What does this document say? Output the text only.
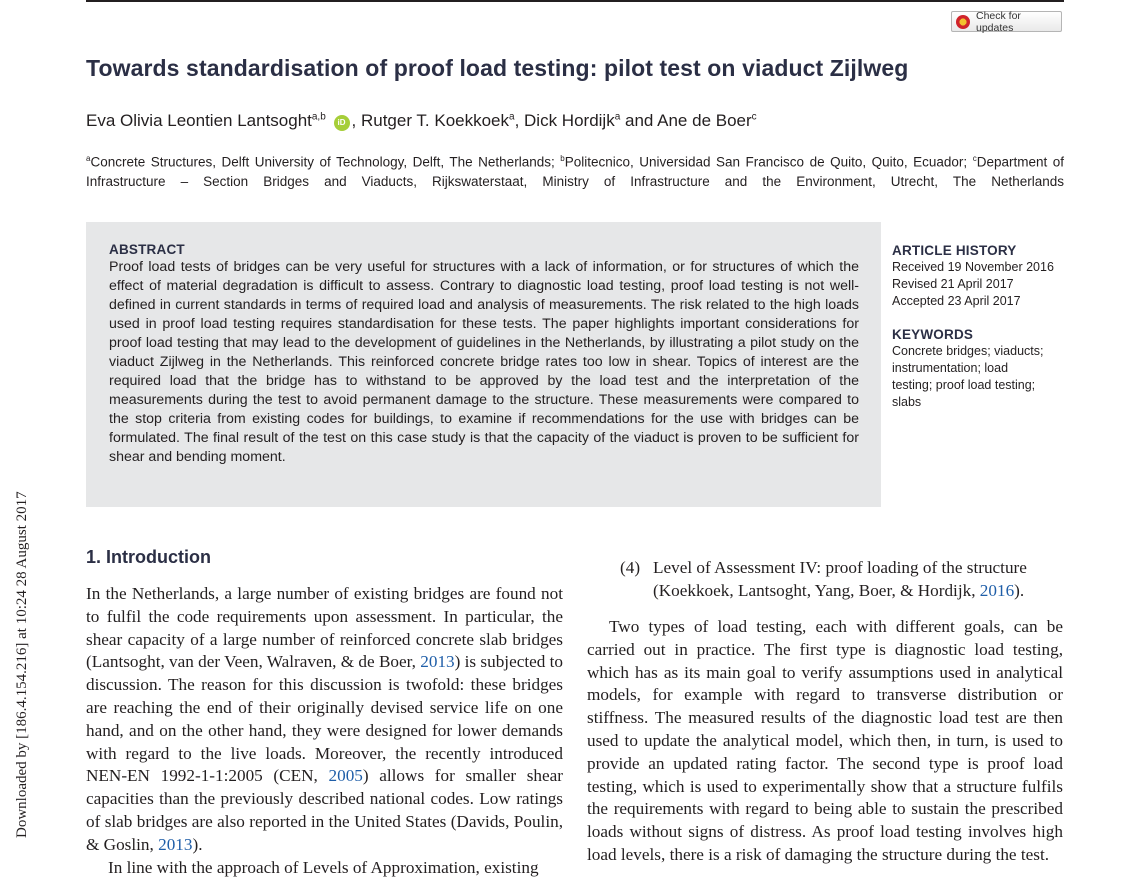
Check for updates
Downloaded by [186.4.154.216] at 10:24 28 August 2017
Towards standardisation of proof load testing: pilot test on viaduct Zijlweg
Eva Olivia Leontien Lantsoght$^{a,b}$ iD , Rutger T. Koekkoek$^a$, Dick Hordijk$^a$ and Ane de Boer$^c$

$^a$Concrete Structures, Delft University of Technology, Delft, The Netherlands; $^b$Politecnico, Universidad San Francisco de Quito, Quito, Ecuador; $^c$Department of Infrastructure – Section Bridges and Viaducts, Rijkswaterstaat, Ministry of Infrastructure and the Environment, Utrecht, The Netherlands

ABSTRACT

Proof load tests of bridges can be very useful for structures with a lack of information, or for structures of which the effect of material degradation is difficult to assess. Contrary to diagnostic load testing, proof load testing is not well-defined in current standards in terms of required load and analysis of measurements. The risk related to the high loads used in proof load testing requires standardisation for these tests. The paper highlights important considerations for proof load testing that may lead to the development of guidelines in the Netherlands, by illustrating a pilot study on the viaduct Zijlweg in the Netherlands. This reinforced concrete bridge rates too low in shear. Topics of interest are the required load that the bridge has to withstand to be approved by the load test and the interpretation of the measurements during the test to avoid permanent damage to the structure. These measurements were compared to the stop criteria from existing codes for buildings, to examine if recommendations for the use with bridges can be formulated. The final result of the test on this case study is that the capacity of the viaduct is proven to be sufficient for shear and bending moment.

ARTICLE HISTORY

Received 19 November 2016

Revised 21 April 2017

Accepted 23 April 2017

KEYWORDS

Concrete bridges; viaducts;

instrumentation; load

testing; proof load testing;

slabs

1. Introduction

In the Netherlands, a large number of existing bridges are found not to fulfil the code requirements upon assessment. In particular, the shear capacity of a large number of reinforced concrete slab bridges (Lantsoght, van der Veen, Walraven, & de Boer, 2013) is subjected to discussion. The reason for this discussion is twofold: these bridges are reaching the end of their originally devised service life on one hand, and on the other hand, they were designed for lower demands with regard to the live loads. Moreover, the recently introduced NEN-EN 1992-1-1:2005 (CEN, 2005) allows for smaller shear capacities than the previously described national codes. Low ratings of slab bridges are also reported in the United States (Davids, Poulin, & Goslin, 2013).
In line with the approach of Levels of Approximation, existing

(4) Level of Assessment IV: proof loading of the structure
(Koekkoek, Lantsoght, Yang, Boer, & Hordijk, 2016).

Two types of load testing, each with different goals, can be carried out in practice. The first type is diagnostic load testing, which has as its main goal to verify assumptions used in analytical models, for example with regard to transverse distribution or stiffness. The measured results of the diagnostic load test are then used to update the analytical model, which then, in turn, is used to provide an updated rating factor. The second type is proof load testing, which is used to experimentally show that a structure fulfils the requirements with regard to being able to sustain the prescribed loads without signs of distress. As proof load testing involves high load levels, there is a risk of damaging the structure during the test.
